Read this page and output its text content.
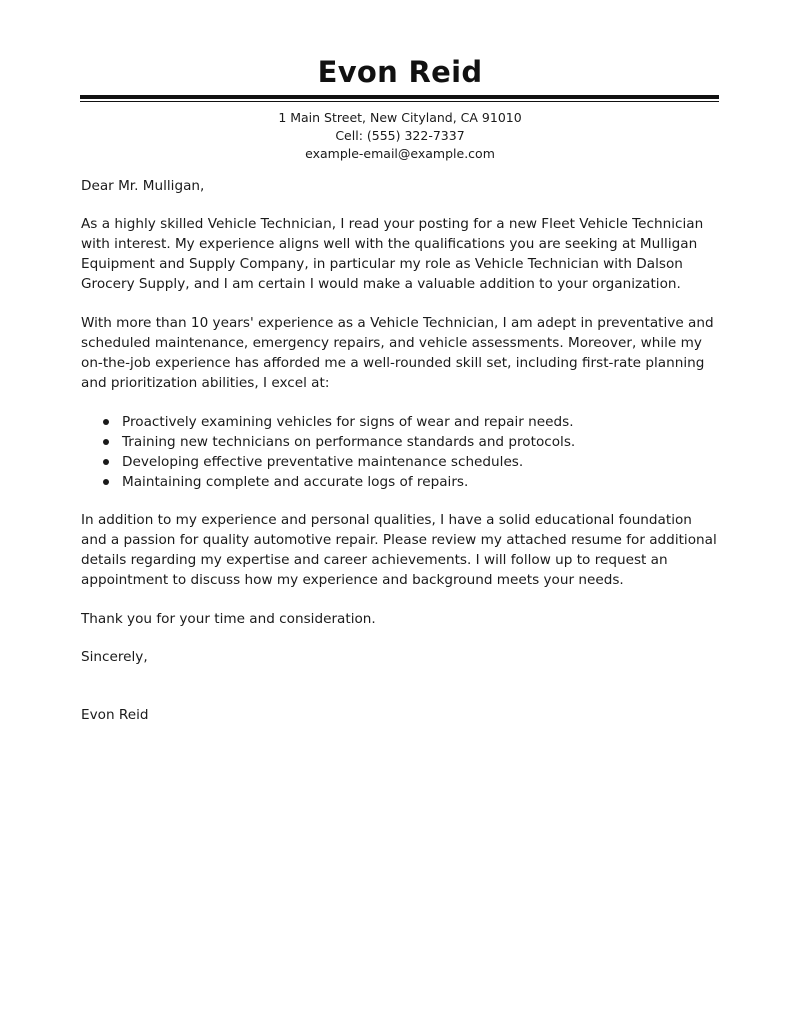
Evon Reid
1 Main Street, New Cityland, CA 91010
Cell: (555) 322-7337
example-email@example.com

Dear Mr. Mulligan,

As a highly skilled Vehicle Technician, I read your posting for a new Fleet Vehicle Technician with interest. My experience aligns well with the qualifications you are seeking at Mulligan Equipment and Supply Company, in particular my role as Vehicle Technician with Dalson Grocery Supply, and I am certain I would make a valuable addition to your organization.

With more than 10 years' experience as a Vehicle Technician, I am adept in preventative and scheduled maintenance, emergency repairs, and vehicle assessments. Moreover, while my on-the-job experience has afforded me a well-rounded skill set, including first-rate planning and prioritization abilities, I excel at:

Proactively examining vehicles for signs of wear and repair needs.
Training new technicians on performance standards and protocols.
Developing effective preventative maintenance schedules.
Maintaining complete and accurate logs of repairs.

In addition to my experience and personal qualities, I have a solid educational foundation and a passion for quality automotive repair. Please review my attached resume for additional details regarding my expertise and career achievements. I will follow up to request an appointment to discuss how my experience and background meets your needs.

Thank you for your time and consideration.

Sincerely,

Evon Reid
